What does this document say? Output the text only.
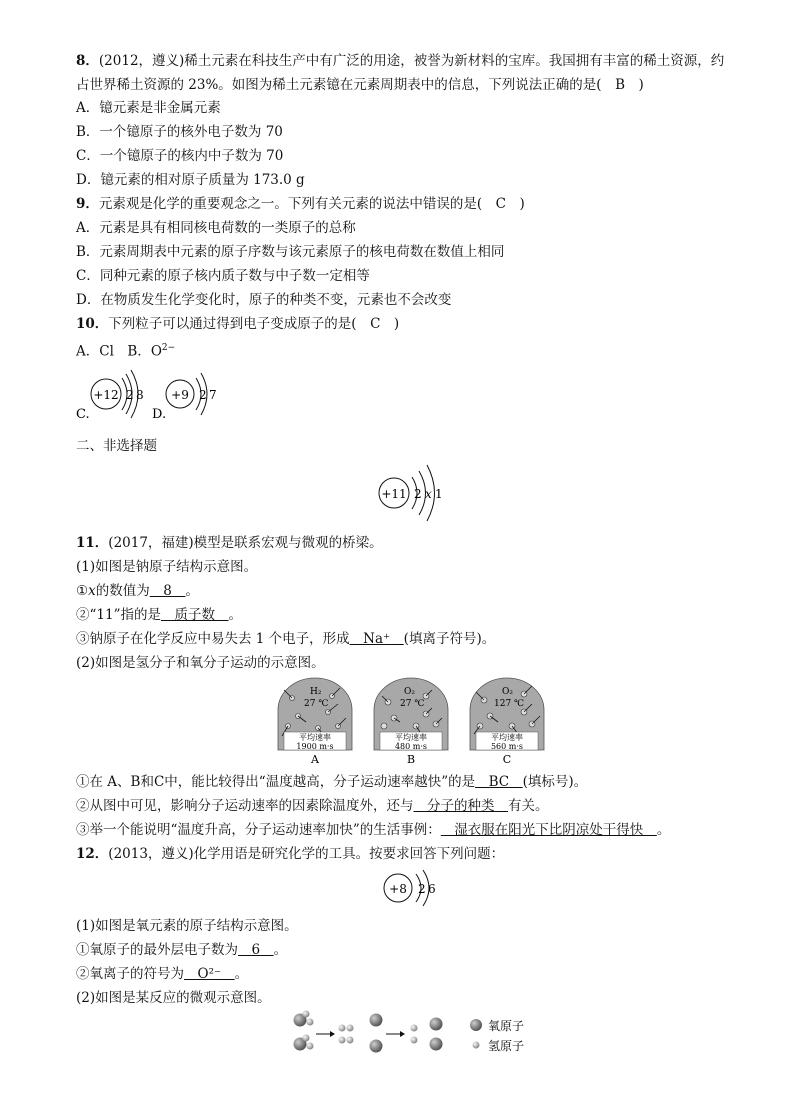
8．(2012，遵义)稀土元素在科技生产中有广泛的用途，被誉为新材料的宝库。我国拥有丰富的稀土资源，约
占世界稀土资源的 23%。如图为稀土元素镱在元素周期表中的信息，下列说法正确的是(　B　)
A．镱元素是非金属元素
B．一个镱原子的核外电子数为 70
C．一个镱原子的核内中子数为 70
D．镱元素的相对原子质量为 173.0 g
9．元素观是化学的重要观念之一。下列有关元素的说法中错误的是(　C　)
A．元素是具有相同核电荷数的一类原子的总称
B．元素周期表中元素的原子序数与该元素原子的核电荷数在数值上相同
C．同种元素的原子核内质子数与中子数一定相等
D．在物质发生化学变化时，原子的种类不变，元素也不会改变
10．下列粒子可以通过得到电子变成原子的是(　C　)
A．Cl　B．$O^{2-}$
C.
+12 2 8
D.
+9 2 7
二、非选择题
+11 2 x 1
11．(2017，福建)模型是联系宏观与微观的桥梁。
(1)如图是钠原子结构示意图。
①x的数值为＿8＿。
②“11”指的是＿质子数＿。
③钠原子在化学反应中易失去 1 个电子，形成＿Na⁺＿(填离子符号)。
(2)如图是氢分子和氧分子运动的示意图。
H₂
27 ℃
平均速率
1900 m·s
A
O₂
27 ℃
平均速率
480 m·s
B
O₂
127 ℃
平均速率
560 m·s
C
①在 A、B和C中，能比较得出“温度越高，分子运动速率越快”的是＿BC＿(填标号)。
②从图中可见，影响分子运动速率的因素除温度外，还与＿分子的种类＿有关。
③举一个能说明“温度升高，分子运动速率加快”的生活事例：＿湿衣服在阳光下比阴凉处干得快＿。
12．(2013，遵义)化学用语是研究化学的工具。按要求回答下列问题：
+8 2 6
(1)如图是氧元素的原子结构示意图。
①氧原子的最外层电子数为＿6＿。
②氧离子的符号为＿O²⁻＿。
(2)如图是某反应的微观示意图。
氧原子
氢原子
